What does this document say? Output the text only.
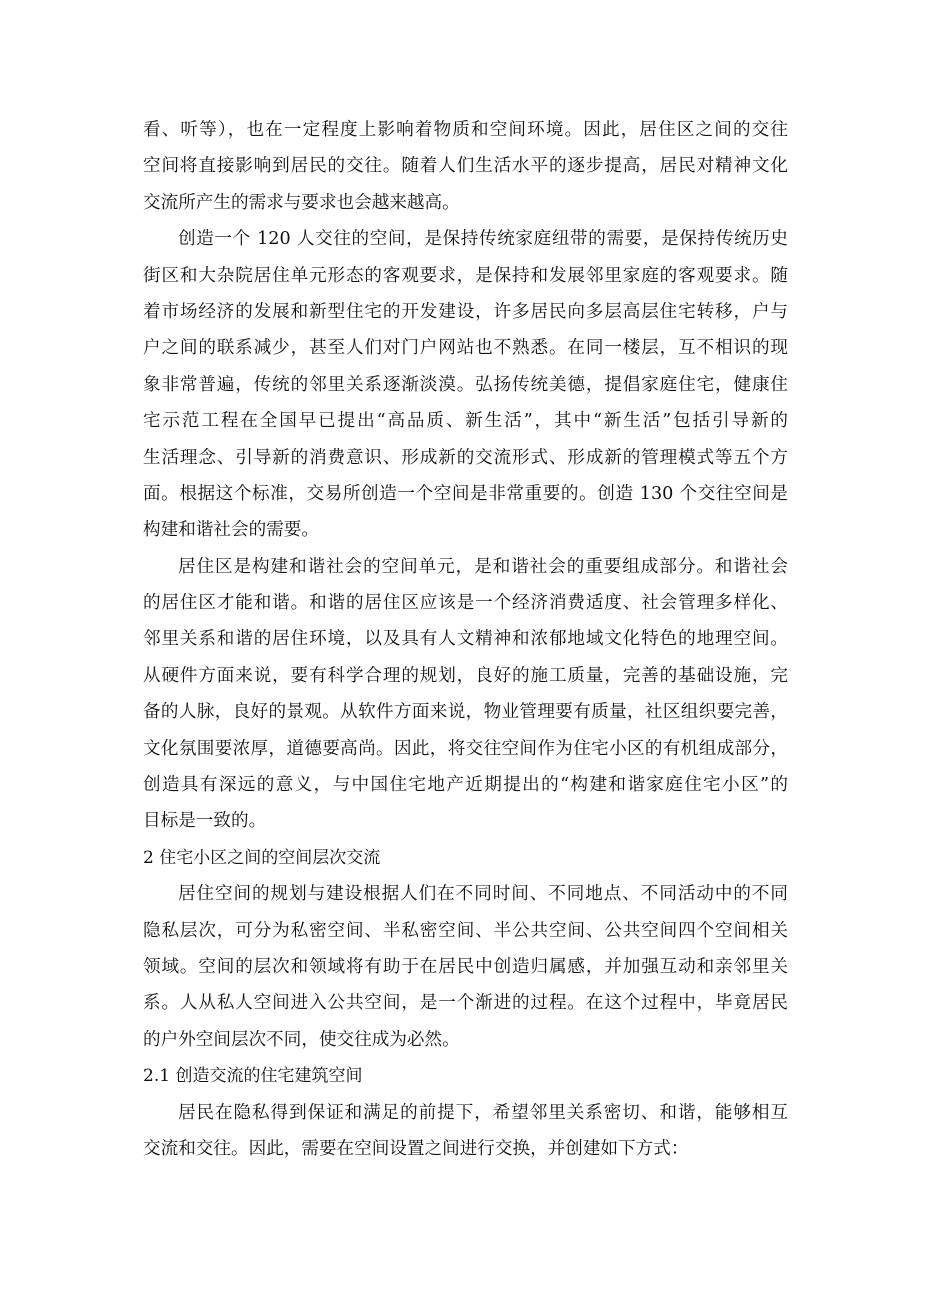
看、听等），也在一定程度上影响着物质和空间环境。因此，居住区之间的交往
空间将直接影响到居民的交往。随着人们生活水平的逐步提高，居民对精神文化
交流所产生的需求与要求也会越来越高。
创造一个 120 人交往的空间，是保持传统家庭纽带的需要，是保持传统历史
街区和大杂院居住单元形态的客观要求，是保持和发展邻里家庭的客观要求。随
着市场经济的发展和新型住宅的开发建设，许多居民向多层高层住宅转移，户与
户之间的联系减少，甚至人们对门户网站也不熟悉。在同一楼层，互不相识的现
象非常普遍，传统的邻里关系逐渐淡漠。弘扬传统美德，提倡家庭住宅，健康住
宅示范工程在全国早已提出“高品质、新生活”，其中“新生活”包括引导新的
生活理念、引导新的消费意识、形成新的交流形式、形成新的管理模式等五个方
面。根据这个标准，交易所创造一个空间是非常重要的。创造 130 个交往空间是
构建和谐社会的需要。
居住区是构建和谐社会的空间单元，是和谐社会的重要组成部分。和谐社会
的居住区才能和谐。和谐的居住区应该是一个经济消费适度、社会管理多样化、
邻里关系和谐的居住环境，以及具有人文精神和浓郁地域文化特色的地理空间。
从硬件方面来说，要有科学合理的规划，良好的施工质量，完善的基础设施，完
备的人脉，良好的景观。从软件方面来说，物业管理要有质量，社区组织要完善，
文化氛围要浓厚，道德要高尚。因此，将交往空间作为住宅小区的有机组成部分，
创造具有深远的意义，与中国住宅地产近期提出的“构建和谐家庭住宅小区”的
目标是一致的。
2 住宅小区之间的空间层次交流
居住空间的规划与建设根据人们在不同时间、不同地点、不同活动中的不同
隐私层次，可分为私密空间、半私密空间、半公共空间、公共空间四个空间相关
领域。空间的层次和领域将有助于在居民中创造归属感，并加强互动和亲邻里关
系。人从私人空间进入公共空间，是一个渐进的过程。在这个过程中，毕竟居民
的户外空间层次不同，使交往成为必然。
2.1 创造交流的住宅建筑空间
居民在隐私得到保证和满足的前提下，希望邻里关系密切、和谐，能够相互
交流和交往。因此，需要在空间设置之间进行交换，并创建如下方式：
